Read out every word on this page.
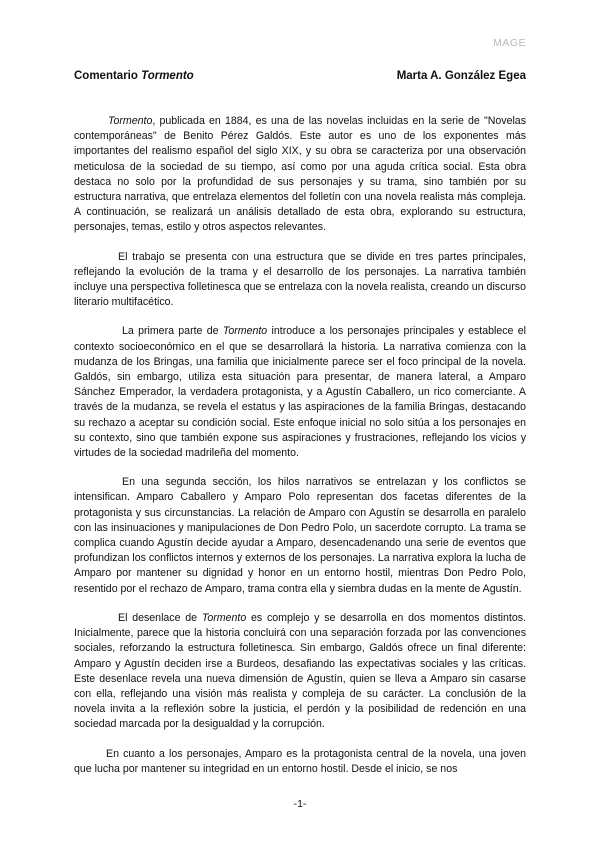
MAGE
Comentario Tormento	Marta A. González Egea

Tormento, publicada en 1884, es una de las novelas incluidas en la serie de "Novelas contemporáneas" de Benito Pérez Galdós. Este autor es uno de los exponentes más importantes del realismo español del siglo XIX, y su obra se caracteriza por una observación meticulosa de la sociedad de su tiempo, así como por una aguda crítica social. Esta obra destaca no solo por la profundidad de sus personajes y su trama, sino también por su estructura narrativa, que entrelaza elementos del folletín con una novela realista más compleja. A continuación, se realizará un análisis detallado de esta obra, explorando su estructura, personajes, temas, estilo y otros aspectos relevantes.

El trabajo se presenta con una estructura que se divide en tres partes principales, reflejando la evolución de la trama y el desarrollo de los personajes. La narrativa también incluye una perspectiva folletinesca que se entrelaza con la novela realista, creando un discurso literario multifacético.

La primera parte de Tormento introduce a los personajes principales y establece el contexto socioeconómico en el que se desarrollará la historia. La narrativa comienza con la mudanza de los Bringas, una familia que inicialmente parece ser el foco principal de la novela. Galdós, sin embargo, utiliza esta situación para presentar, de manera lateral, a Amparo Sánchez Emperador, la verdadera protagonista, y a Agustín Caballero, un rico comerciante. A través de la mudanza, se revela el estatus y las aspiraciones de la familia Bringas, destacando su rechazo a aceptar su condición social. Este enfoque inicial no solo sitúa a los personajes en su contexto, sino que también expone sus aspiraciones y frustraciones, reflejando los vicios y virtudes de la sociedad madrileña del momento.

En una segunda sección, los hilos narrativos se entrelazan y los conflictos se intensifican. Amparo Caballero y Amparo Polo representan dos facetas diferentes de la protagonista y sus circunstancias. La relación de Amparo con Agustín se desarrolla en paralelo con las insinuaciones y manipulaciones de Don Pedro Polo, un sacerdote corrupto. La trama se complica cuando Agustín decide ayudar a Amparo, desencadenando una serie de eventos que profundizan los conflictos internos y externos de los personajes. La narrativa explora la lucha de Amparo por mantener su dignidad y honor en un entorno hostil, mientras Don Pedro Polo, resentido por el rechazo de Amparo, trama contra ella y siembra dudas en la mente de Agustín.

El desenlace de Tormento es complejo y se desarrolla en dos momentos distintos. Inicialmente, parece que la historia concluirá con una separación forzada por las convenciones sociales, reforzando la estructura folletinesca. Sin embargo, Galdós ofrece un final diferente: Amparo y Agustín deciden irse a Burdeos, desafiando las expectativas sociales y las críticas. Este desenlace revela una nueva dimensión de Agustín, quien se lleva a Amparo sin casarse con ella, reflejando una visión más realista y compleja de su carácter. La conclusión de la novela invita a la reflexión sobre la justicia, el perdón y la posibilidad de redención en una sociedad marcada por la desigualdad y la corrupción.

En cuanto a los personajes, Amparo es la protagonista central de la novela, una joven que lucha por mantener su integridad en un entorno hostil. Desde el inicio, se nos

-1-
